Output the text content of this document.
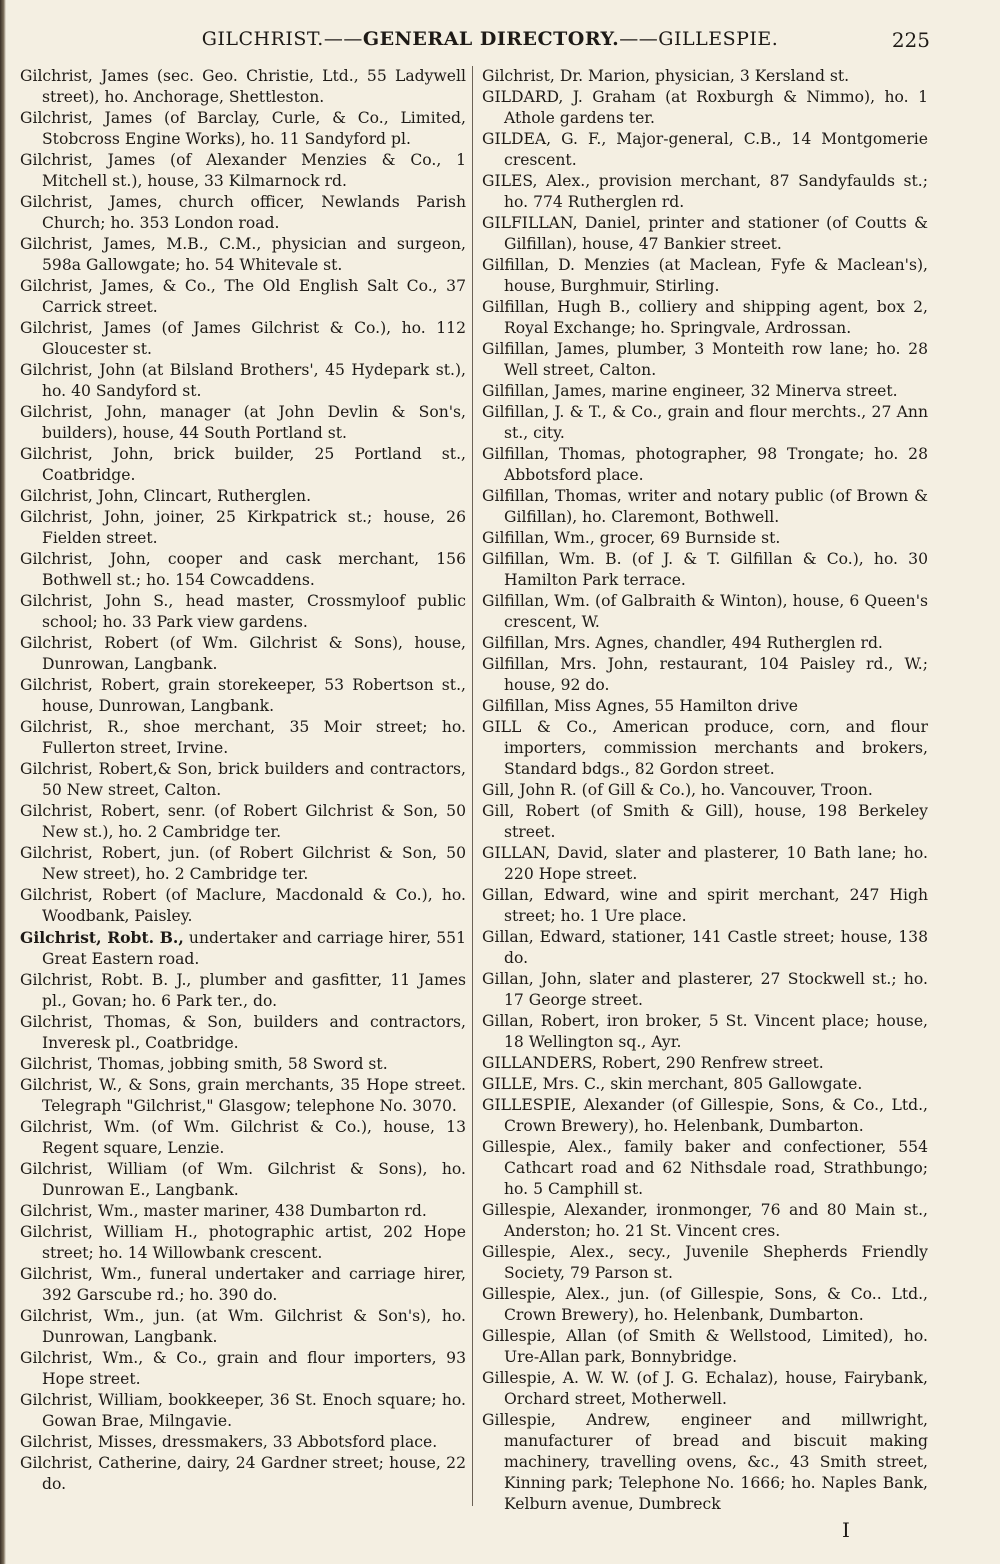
GILCHRIST.——GENERAL DIRECTORY.——GILLESPIE.	225
Gilchrist, James (sec. Geo. Christie, Ltd., 55 Ladywell street), ho. Anchorage, Shettleston.
Gilchrist, James (of Barclay, Curle, & Co., Limited, Stobcross Engine Works), ho. 11 Sandyford pl.
Gilchrist, James (of Alexander Menzies & Co., 1 Mitchell st.), house, 33 Kilmarnock rd.
Gilchrist, James, church officer, Newlands Parish Church; ho. 353 London road.
Gilchrist, James, M.B., C.M., physician and surgeon, 598a Gallowgate; ho. 54 Whitevale st.
Gilchrist, James, & Co., The Old English Salt Co., 37 Carrick street.
Gilchrist, James (of James Gilchrist & Co.), ho. 112 Gloucester st.
Gilchrist, John (at Bilsland Brothers', 45 Hydepark st.), ho. 40 Sandyford st.
Gilchrist, John, manager (at John Devlin & Son's, builders), house, 44 South Portland st.
Gilchrist, John, brick builder, 25 Portland st., Coatbridge.
Gilchrist, John, Clincart, Rutherglen.
Gilchrist, John, joiner, 25 Kirkpatrick st.; house, 26 Fielden street.
Gilchrist, John, cooper and cask merchant, 156 Bothwell st.; ho. 154 Cowcaddens.
Gilchrist, John S., head master, Crossmyloof public school; ho. 33 Park view gardens.
Gilchrist, Robert (of Wm. Gilchrist & Sons), house, Dunrowan, Langbank.
Gilchrist, Robert, grain storekeeper, 53 Robertson st., house, Dunrowan, Langbank.
Gilchrist, R., shoe merchant, 35 Moir street; ho. Fullerton street, Irvine.
Gilchrist, Robert,& Son, brick builders and contractors, 50 New street, Calton.
Gilchrist, Robert, senr. (of Robert Gilchrist & Son, 50 New st.), ho. 2 Cambridge ter.
Gilchrist, Robert, jun. (of Robert Gilchrist & Son, 50 New street), ho. 2 Cambridge ter.
Gilchrist, Robert (of Maclure, Macdonald & Co.), ho. Woodbank, Paisley.
Gilchrist, Robt. B., undertaker and carriage hirer, 551 Great Eastern road.
Gilchrist, Robt. B. J., plumber and gasfitter, 11 James pl., Govan; ho. 6 Park ter., do.
Gilchrist, Thomas, & Son, builders and contractors, Inveresk pl., Coatbridge.
Gilchrist, Thomas, jobbing smith, 58 Sword st.
Gilchrist, W., & Sons, grain merchants, 35 Hope street. Telegraph "Gilchrist," Glasgow; telephone No. 3070.
Gilchrist, Wm. (of Wm. Gilchrist & Co.), house, 13 Regent square, Lenzie.
Gilchrist, William (of Wm. Gilchrist & Sons), ho. Dunrowan E., Langbank.
Gilchrist, Wm., master mariner, 438 Dumbarton rd.
Gilchrist, William H., photographic artist, 202 Hope street; ho. 14 Willowbank crescent.
Gilchrist, Wm., funeral undertaker and carriage hirer, 392 Garscube rd.; ho. 390 do.
Gilchrist, Wm., jun. (at Wm. Gilchrist & Son's), ho. Dunrowan, Langbank.
Gilchrist, Wm., & Co., grain and flour importers, 93 Hope street.
Gilchrist, William, bookkeeper, 36 St. Enoch square; ho. Gowan Brae, Milngavie.
Gilchrist, Misses, dressmakers, 33 Abbotsford place.
Gilchrist, Catherine, dairy, 24 Gardner street; house, 22 do.
Gilchrist, Dr. Marion, physician, 3 Kersland st.
GILDARD, J. Graham (at Roxburgh & Nimmo), ho. 1 Athole gardens ter.
GILDEA, G. F., Major-general, C.B., 14 Montgomerie crescent.
GILES, Alex., provision merchant, 87 Sandyfaulds st.; ho. 774 Rutherglen rd.
GILFILLAN, Daniel, printer and stationer (of Coutts & Gilfillan), house, 47 Bankier street.
Gilfillan, D. Menzies (at Maclean, Fyfe & Maclean's), house, Burghmuir, Stirling.
Gilfillan, Hugh B., colliery and shipping agent, box 2, Royal Exchange; ho. Springvale, Ardrossan.
Gilfillan, James, plumber, 3 Monteith row lane; ho. 28 Well street, Calton.
Gilfillan, James, marine engineer, 32 Minerva street.
Gilfillan, J. & T., & Co., grain and flour merchts., 27 Ann st., city.
Gilfillan, Thomas, photographer, 98 Trongate; ho. 28 Abbotsford place.
Gilfillan, Thomas, writer and notary public (of Brown & Gilfillan), ho. Claremont, Bothwell.
Gilfillan, Wm., grocer, 69 Burnside st.
Gilfillan, Wm. B. (of J. & T. Gilfillan & Co.), ho. 30 Hamilton Park terrace.
Gilfillan, Wm. (of Galbraith & Winton), house, 6 Queen's crescent, W.
Gilfillan, Mrs. Agnes, chandler, 494 Rutherglen rd.
Gilfillan, Mrs. John, restaurant, 104 Paisley rd., W.; house, 92 do.
Gilfillan, Miss Agnes, 55 Hamilton drive
GILL & Co., American produce, corn, and flour importers, commission merchants and brokers, Standard bdgs., 82 Gordon street.
Gill, John R. (of Gill & Co.), ho. Vancouver, Troon.
Gill, Robert (of Smith & Gill), house, 198 Berkeley street.
GILLAN, David, slater and plasterer, 10 Bath lane; ho. 220 Hope street.
Gillan, Edward, wine and spirit merchant, 247 High street; ho. 1 Ure place.
Gillan, Edward, stationer, 141 Castle street; house, 138 do.
Gillan, John, slater and plasterer, 27 Stockwell st.; ho. 17 George street.
Gillan, Robert, iron broker, 5 St. Vincent place; house, 18 Wellington sq., Ayr.
GILLANDERS, Robert, 290 Renfrew street.
GILLE, Mrs. C., skin merchant, 805 Gallowgate.
GILLESPIE, Alexander (of Gillespie, Sons, & Co., Ltd., Crown Brewery), ho. Helenbank, Dumbarton.
Gillespie, Alex., family baker and confectioner, 554 Cathcart road and 62 Nithsdale road, Strathbungo; ho. 5 Camphill st.
Gillespie, Alexander, ironmonger, 76 and 80 Main st., Anderston; ho. 21 St. Vincent cres.
Gillespie, Alex., secy., Juvenile Shepherds Friendly Society, 79 Parson st.
Gillespie, Alex., jun. (of Gillespie, Sons, & Co.. Ltd., Crown Brewery), ho. Helenbank, Dumbarton.
Gillespie, Allan (of Smith & Wellstood, Limited), ho. Ure-Allan park, Bonnybridge.
Gillespie, A. W. W. (of J. G. Echalaz), house, Fairybank, Orchard street, Motherwell.
Gillespie, Andrew, engineer and millwright, manufacturer of bread and biscuit making machinery, travelling ovens, &c., 43 Smith street, Kinning park; Telephone No. 1666; ho. Naples Bank, Kelburn avenue, Dumbreck
I
